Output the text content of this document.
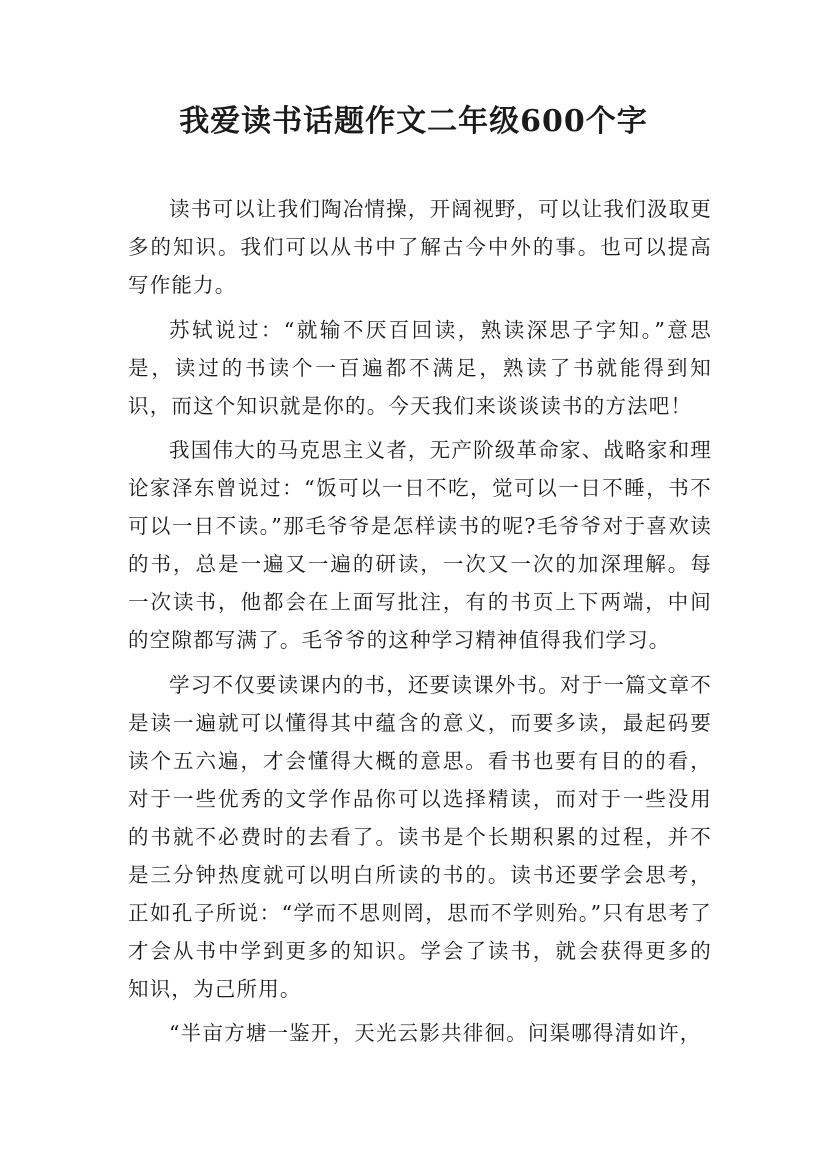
我爱读书话题作文二年级600个字

读书可以让我们陶冶情操，开阔视野，可以让我们汲取更多的知识。我们可以从书中了解古今中外的事。也可以提高写作能力。

苏轼说过：“就输不厌百回读，熟读深思子字知。”意思是，读过的书读个一百遍都不满足，熟读了书就能得到知识，而这个知识就是你的。今天我们来谈谈读书的方法吧！

我国伟大的马克思主义者，无产阶级革命家、战略家和理论家泽东曾说过：“饭可以一日不吃，觉可以一日不睡，书不可以一日不读。”那毛爷爷是怎样读书的呢?毛爷爷对于喜欢读的书，总是一遍又一遍的研读，一次又一次的加深理解。每一次读书，他都会在上面写批注，有的书页上下两端，中间的空隙都写满了。毛爷爷的这种学习精神值得我们学习。

学习不仅要读课内的书，还要读课外书。对于一篇文章不是读一遍就可以懂得其中蕴含的意义，而要多读，最起码要读个五六遍，才会懂得大概的意思。看书也要有目的的看，对于一些优秀的文学作品你可以选择精读，而对于一些没用的书就不必费时的去看了。读书是个长期积累的过程，并不是三分钟热度就可以明白所读的书的。读书还要学会思考，正如孔子所说：“学而不思则罔，思而不学则殆。”只有思考了才会从书中学到更多的知识。学会了读书，就会获得更多的知识，为己所用。

“半亩方塘一鉴开，天光云影共徘徊。问渠哪得清如许，
